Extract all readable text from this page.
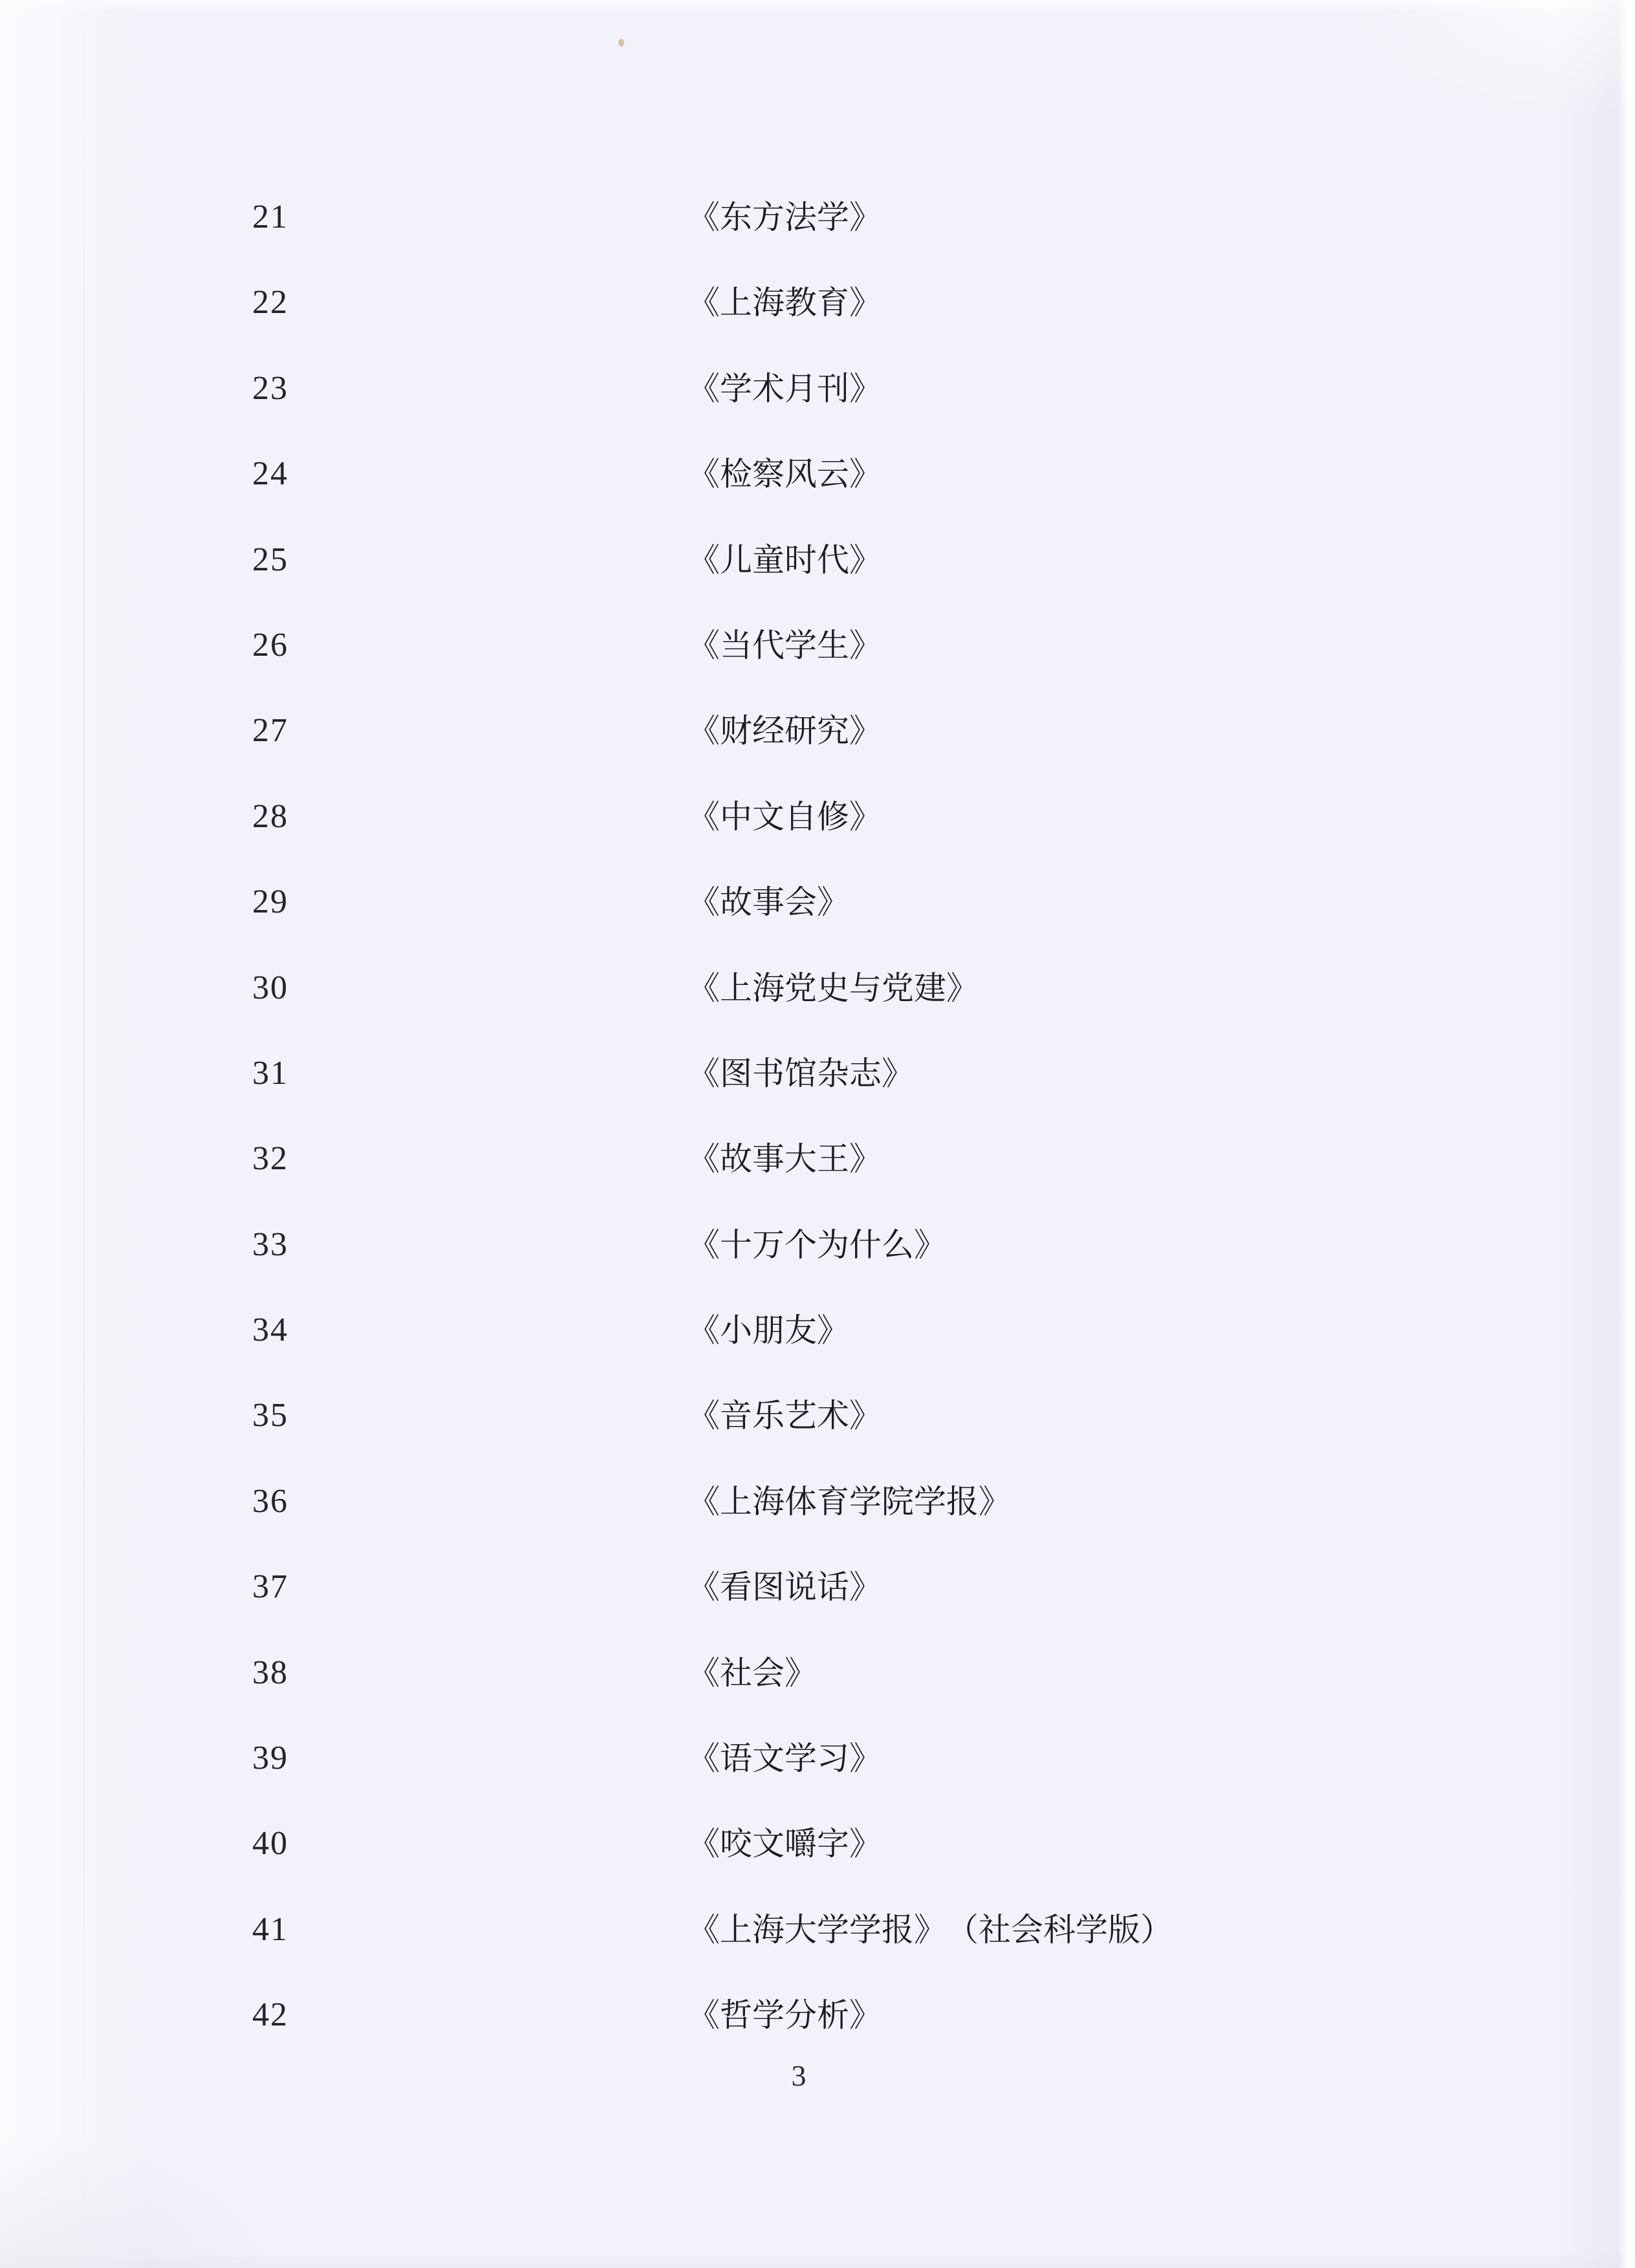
21	《东方法学》
22	《上海教育》
23	《学术月刊》
24	《检察风云》
25	《儿童时代》
26	《当代学生》
27	《财经研究》
28	《中文自修》
29	《故事会》
30	《上海党史与党建》
31	《图书馆杂志》
32	《故事大王》
33	《十万个为什么》
34	《小朋友》
35	《音乐艺术》
36	《上海体育学院学报》
37	《看图说话》
38	《社会》
39	《语文学习》
40	《咬文嚼字》
41	《上海大学学报》　（社会科学版）
42	《哲学分析》
3
